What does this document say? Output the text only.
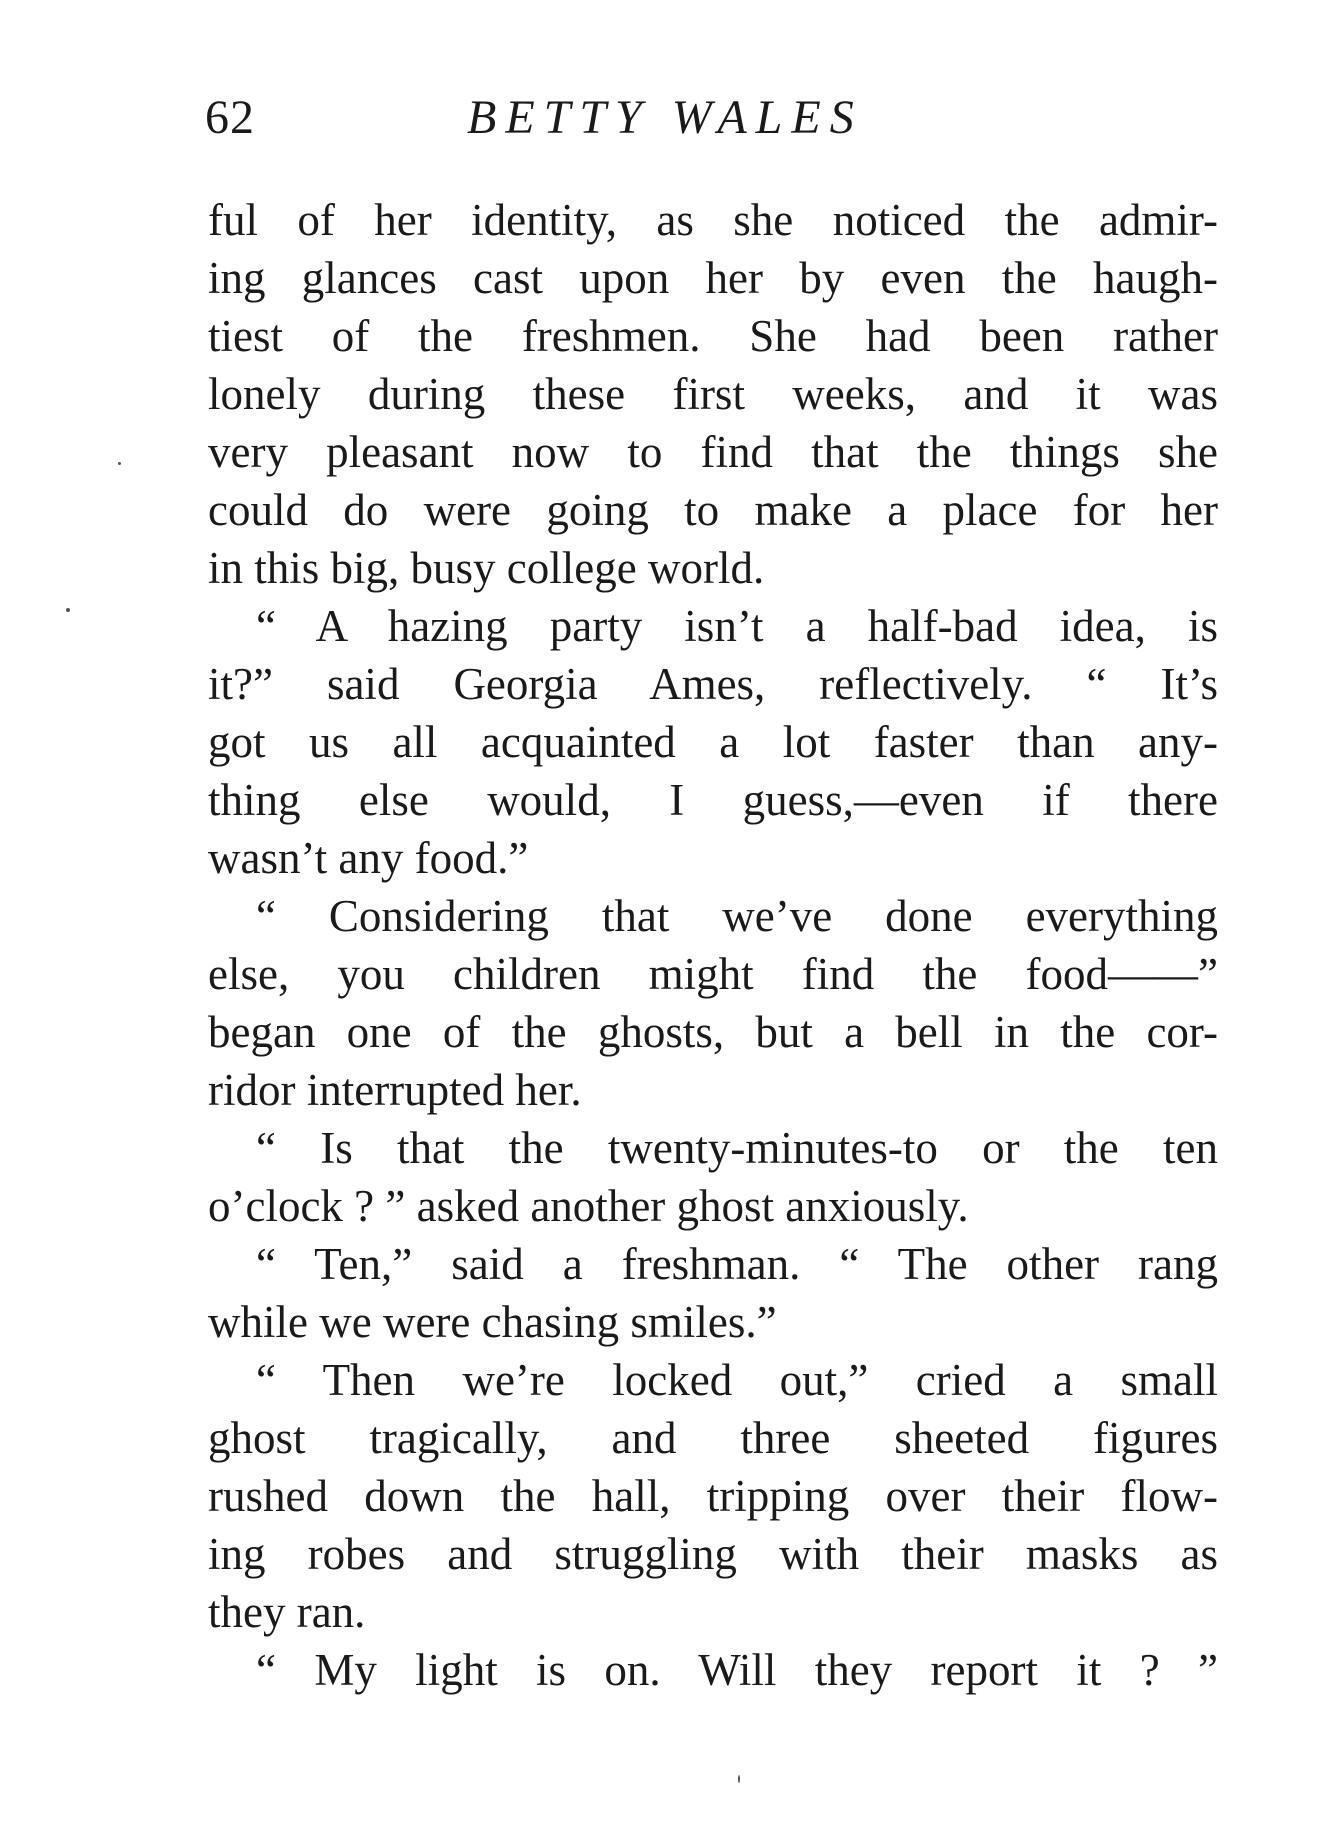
62	BETTY WALES
ful of her identity, as she noticed the admir-
ing glances cast upon her by even the haugh-
tiest of the freshmen. She had been rather
lonely during these first weeks, and it was
very pleasant now to find that the things she
could do were going to make a place for her
in this big, busy college world.
“ A hazing party isn’t a half-bad idea, is
it?” said Georgia Ames, reflectively. “ It’s
got us all acquainted a lot faster than any-
thing else would, I guess,—even if there
wasn’t any food.”
“ Considering that we’ve done everything
else, you children might find the food——”
began one of the ghosts, but a bell in the cor-
ridor interrupted her.
“ Is that the twenty-minutes-to or the ten
o’clock ? ” asked another ghost anxiously.
“ Ten,” said a freshman. “ The other rang
while we were chasing smiles.”
“ Then we’re locked out,” cried a small
ghost tragically, and three sheeted figures
rushed down the hall, tripping over their flow-
ing robes and struggling with their masks as
they ran.
“ My light is on. Will they report it ? ”
